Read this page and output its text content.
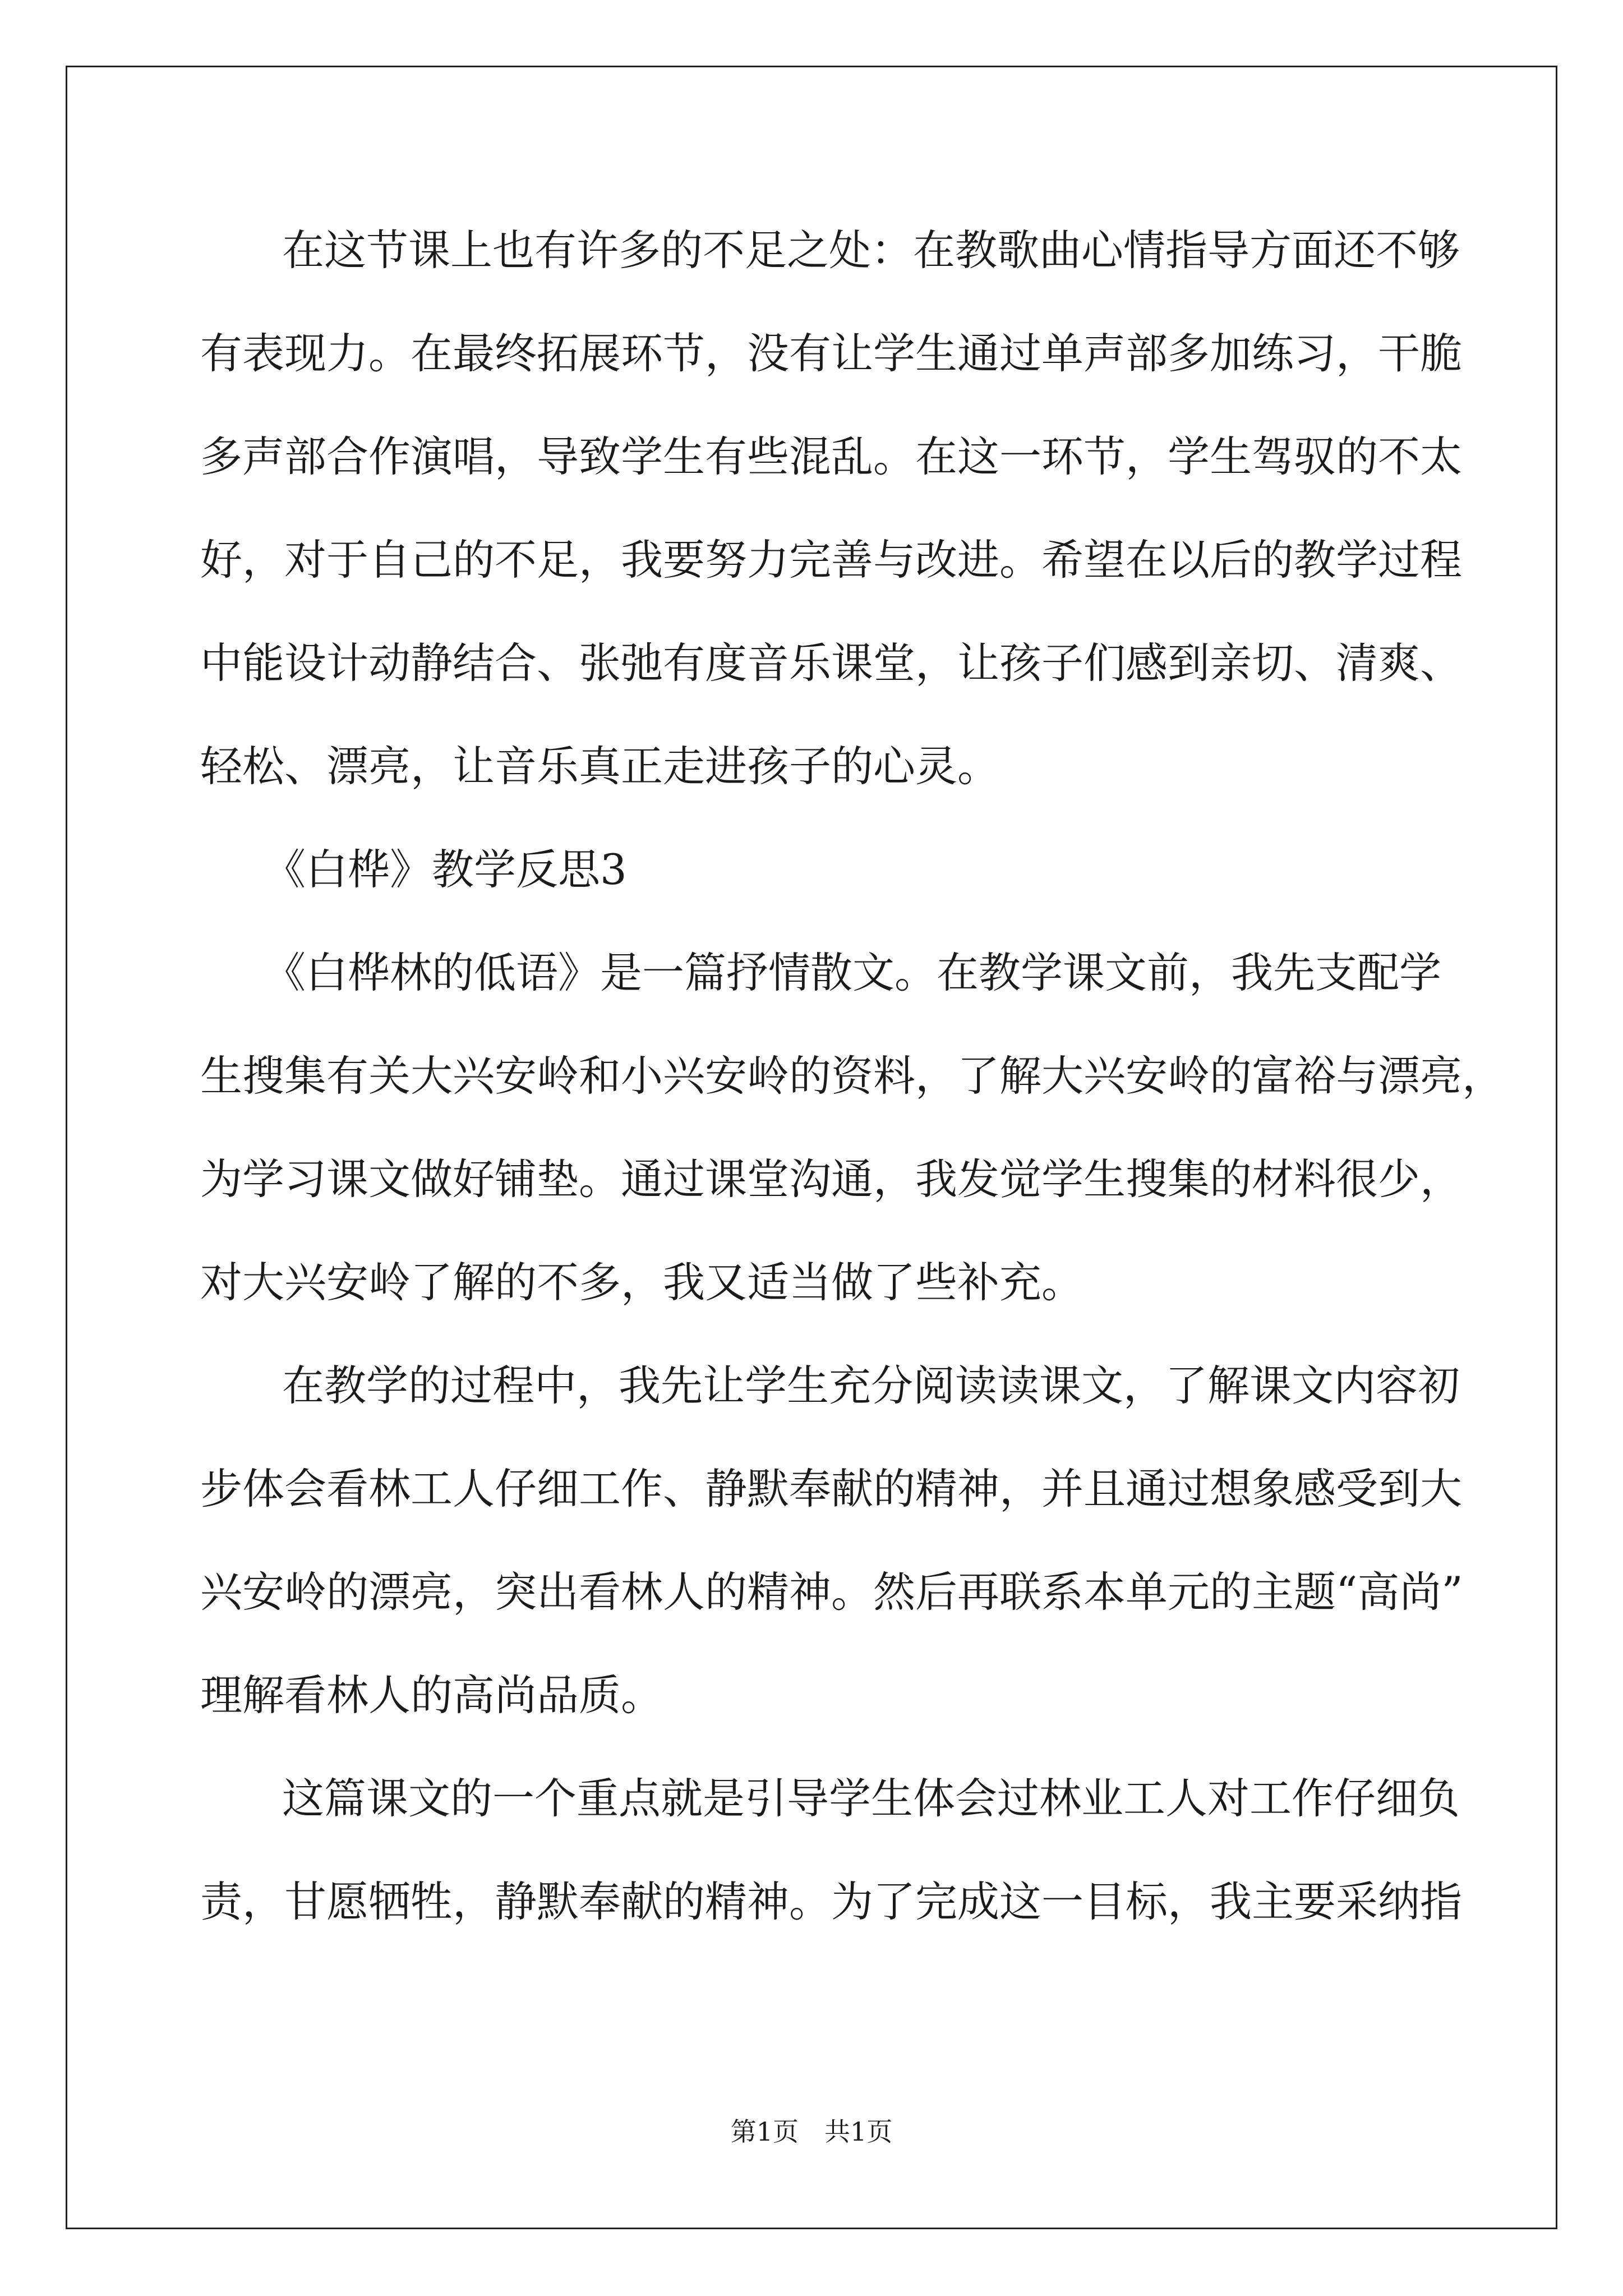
在这节课上也有许多的不足之处：在教歌曲心情指导方面还不够
有表现力。在最终拓展环节，没有让学生通过单声部多加练习，干脆
多声部合作演唱，导致学生有些混乱。在这一环节，学生驾驭的不太
好，对于自己的不足，我要努力完善与改进。希望在以后的教学过程
中能设计动静结合、张弛有度音乐课堂，让孩子们感到亲切、清爽、
轻松、漂亮，让音乐真正走进孩子的心灵。
《白桦》教学反思3
《白桦林的低语》是一篇抒情散文。在教学课文前，我先支配学
生搜集有关大兴安岭和小兴安岭的资料，了解大兴安岭的富裕与漂亮，
为学习课文做好铺垫。通过课堂沟通，我发觉学生搜集的材料很少，
对大兴安岭了解的不多，我又适当做了些补充。
在教学的过程中，我先让学生充分阅读读课文，了解课文内容初
步体会看林工人仔细工作、静默奉献的精神，并且通过想象感受到大
兴安岭的漂亮，突出看林人的精神。然后再联系本单元的主题“高尚”
理解看林人的高尚品质。
这篇课文的一个重点就是引导学生体会过林业工人对工作仔细负
责，甘愿牺牲，静默奉献的精神。为了完成这一目标，我主要采纳指
第1页　共1页
